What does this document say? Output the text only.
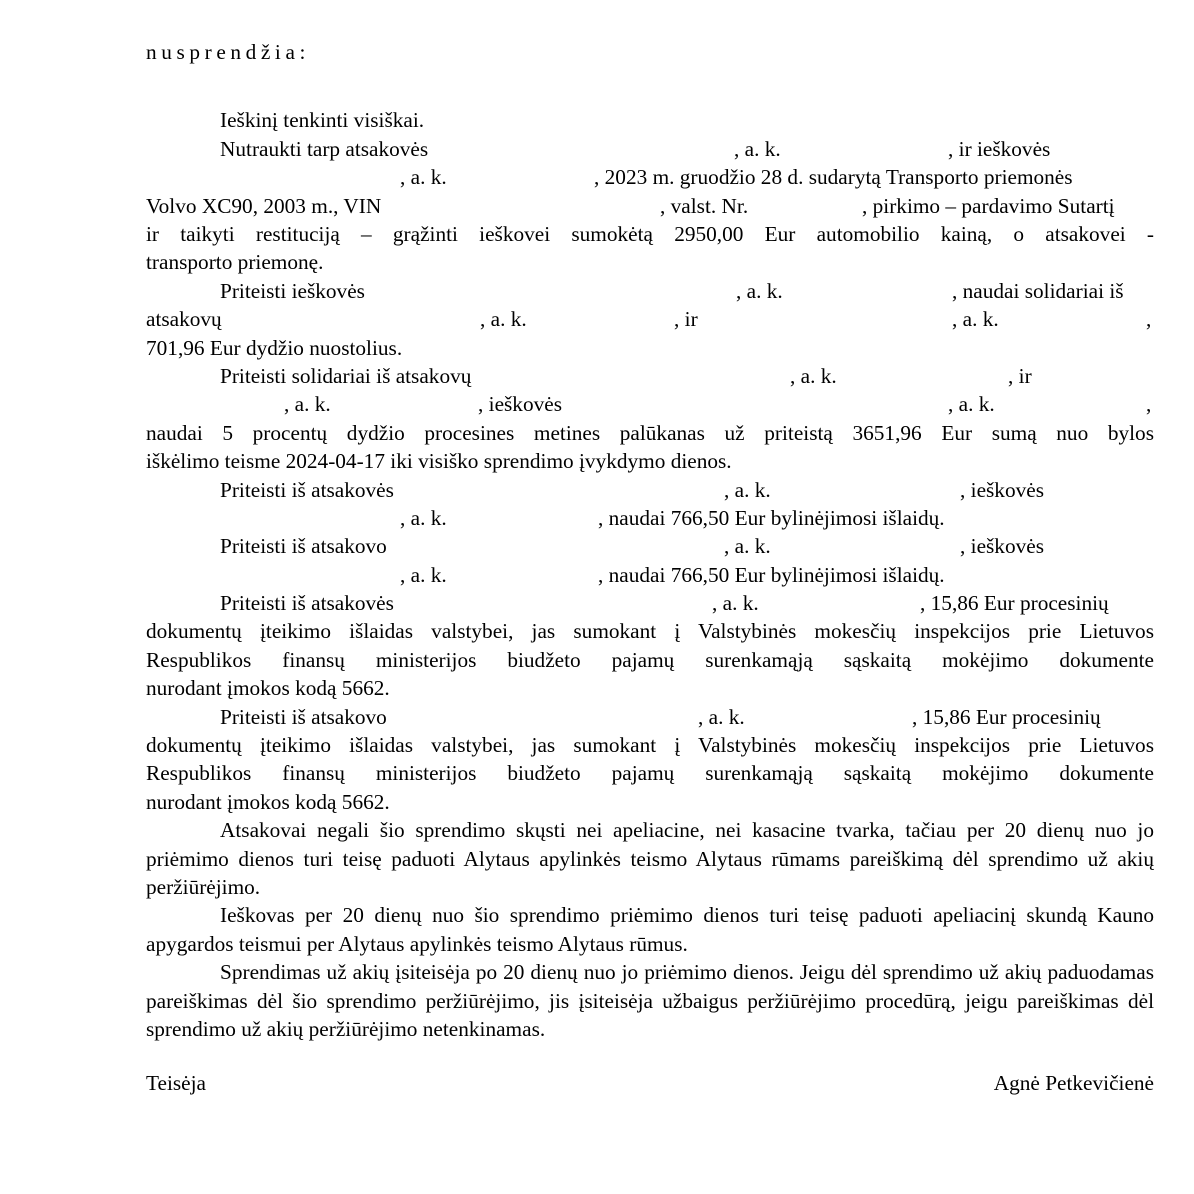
nusprendžia:

Ieškinį tenkinti visiškai.

Nutraukti tarp atsakovės	, a. k.	, ir ieškovės
, a. k.	, 2023 m. gruodžio 28 d. sudarytą Transporto priemonės
Volvo XC90, 2003 m., VIN	, valst. Nr.	, pirkimo – pardavimo Sutartį
ir taikyti restituciją – grąžinti ieškovei sumokėtą 2950,00 Eur automobilio kainą, o atsakovei -
transporto priemonę.
Priteisti ieškovės	, a. k.	, naudai solidariai iš
atsakovų	, a. k.	, ir	, a. k.	,
701,96 Eur dydžio nuostolius.
Priteisti solidariai iš atsakovų	, a. k.	, ir
, a. k.	, ieškovės	, a. k.	,
naudai 5 procentų dydžio procesines metines palūkanas už priteistą 3651,96 Eur sumą nuo bylos
iškėlimo teisme 2024-04-17 iki visiško sprendimo įvykdymo dienos.
Priteisti iš atsakovės	, a. k.	, ieškovės
, a. k.	, naudai 766,50 Eur bylinėjimosi išlaidų.
Priteisti iš atsakovo	, a. k.	, ieškovės
, a. k.	, naudai 766,50 Eur bylinėjimosi išlaidų.
Priteisti iš atsakovės	, a. k.	, 15,86 Eur procesinių
dokumentų įteikimo išlaidas valstybei, jas sumokant į Valstybinės mokesčių inspekcijos prie Lietuvos
Respublikos finansų ministerijos biudžeto pajamų surenkamąją sąskaitą mokėjimo dokumente
nurodant įmokos kodą 5662.
Priteisti iš atsakovo	, a. k.	, 15,86 Eur procesinių
dokumentų įteikimo išlaidas valstybei, jas sumokant į Valstybinės mokesčių inspekcijos prie Lietuvos
Respublikos finansų ministerijos biudžeto pajamų surenkamąją sąskaitą mokėjimo dokumente
nurodant įmokos kodą 5662.

Atsakovai negali šio sprendimo skųsti nei apeliacine, nei kasacine tvarka, tačiau per 20 dienų nuo jo priėmimo dienos turi teisę paduoti Alytaus apylinkės teismo Alytaus rūmams pareiškimą dėl sprendimo už akių peržiūrėjimo.

Ieškovas per 20 dienų nuo šio sprendimo priėmimo dienos turi teisę paduoti apeliacinį skundą Kauno apygardos teismui per Alytaus apylinkės teismo Alytaus rūmus.

Sprendimas už akių įsiteisėja po 20 dienų nuo jo priėmimo dienos. Jeigu dėl sprendimo už akių paduodamas pareiškimas dėl šio sprendimo peržiūrėjimo, jis įsiteisėja užbaigus peržiūrėjimo procedūrą, jeigu pareiškimas dėl sprendimo už akių peržiūrėjimo netenkinamas.

Teisėja	Agnė Petkevičienė
